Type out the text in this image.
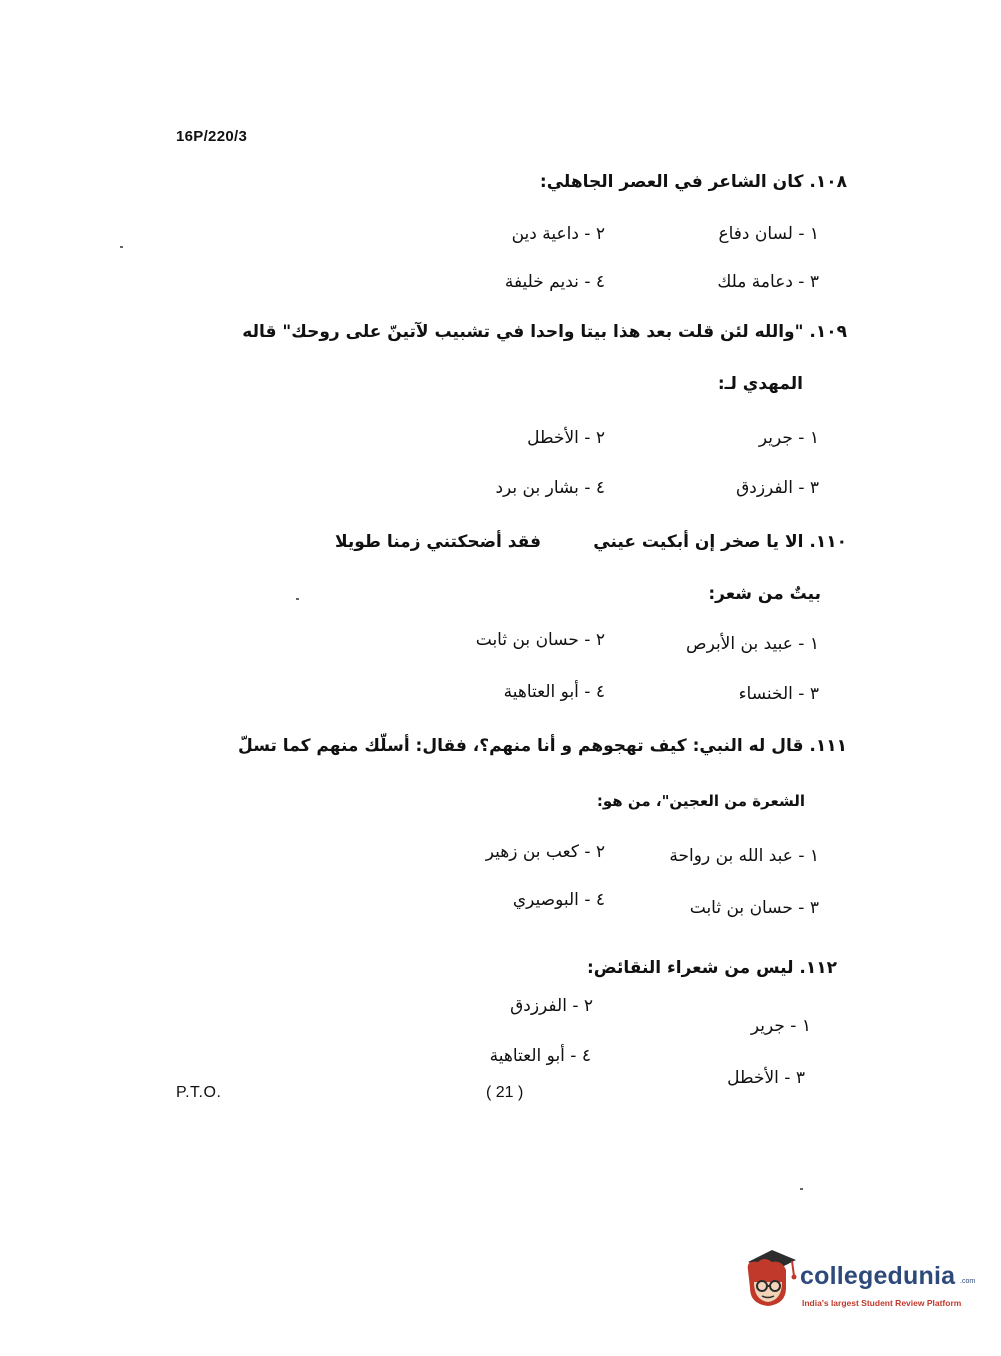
16P/220/3
١٠٨. كان الشاعر في العصر الجاهلي:
١ - لسان دفاع
٢ - داعية دين
٣ - دعامة ملك
٤ - نديم خليفة
١٠٩. "والله لئن قلت بعد هذا بيتا واحدا في تشبيب لآتينّ على روحك" قاله
المهدي لـ:
١ - جرير
٢ - الأخطل
٣ - الفرزدق
٤ - بشار بن برد
١١٠. الا يا صخر إن أبكيت عيني
فقد أضحكتني زمنا طويلا
بيتٌ من شعر:
١ - عبيد بن الأبرص
٢ - حسان بن ثابت
٣ - الخنساء
٤ - أبو العتاهية
١١١. قال له النبي: كيف تهجوهم و أنا منهم؟، فقال: أسلّك منهم كما تسلّ
الشعرة من العجين"، من هو:
١ - عبد الله بن رواحة
٢ - كعب بن زهير
٣ - حسان بن ثابت
٤ - البوصيري
١١٢. ليس من شعراء النقائض:
١ - جرير
٢ - الفرزدق
٣ - الأخطل
٤ - أبو العتاهية
P.T.O.	( 21 )
collegedunia .com
India's largest Student Review Platform
